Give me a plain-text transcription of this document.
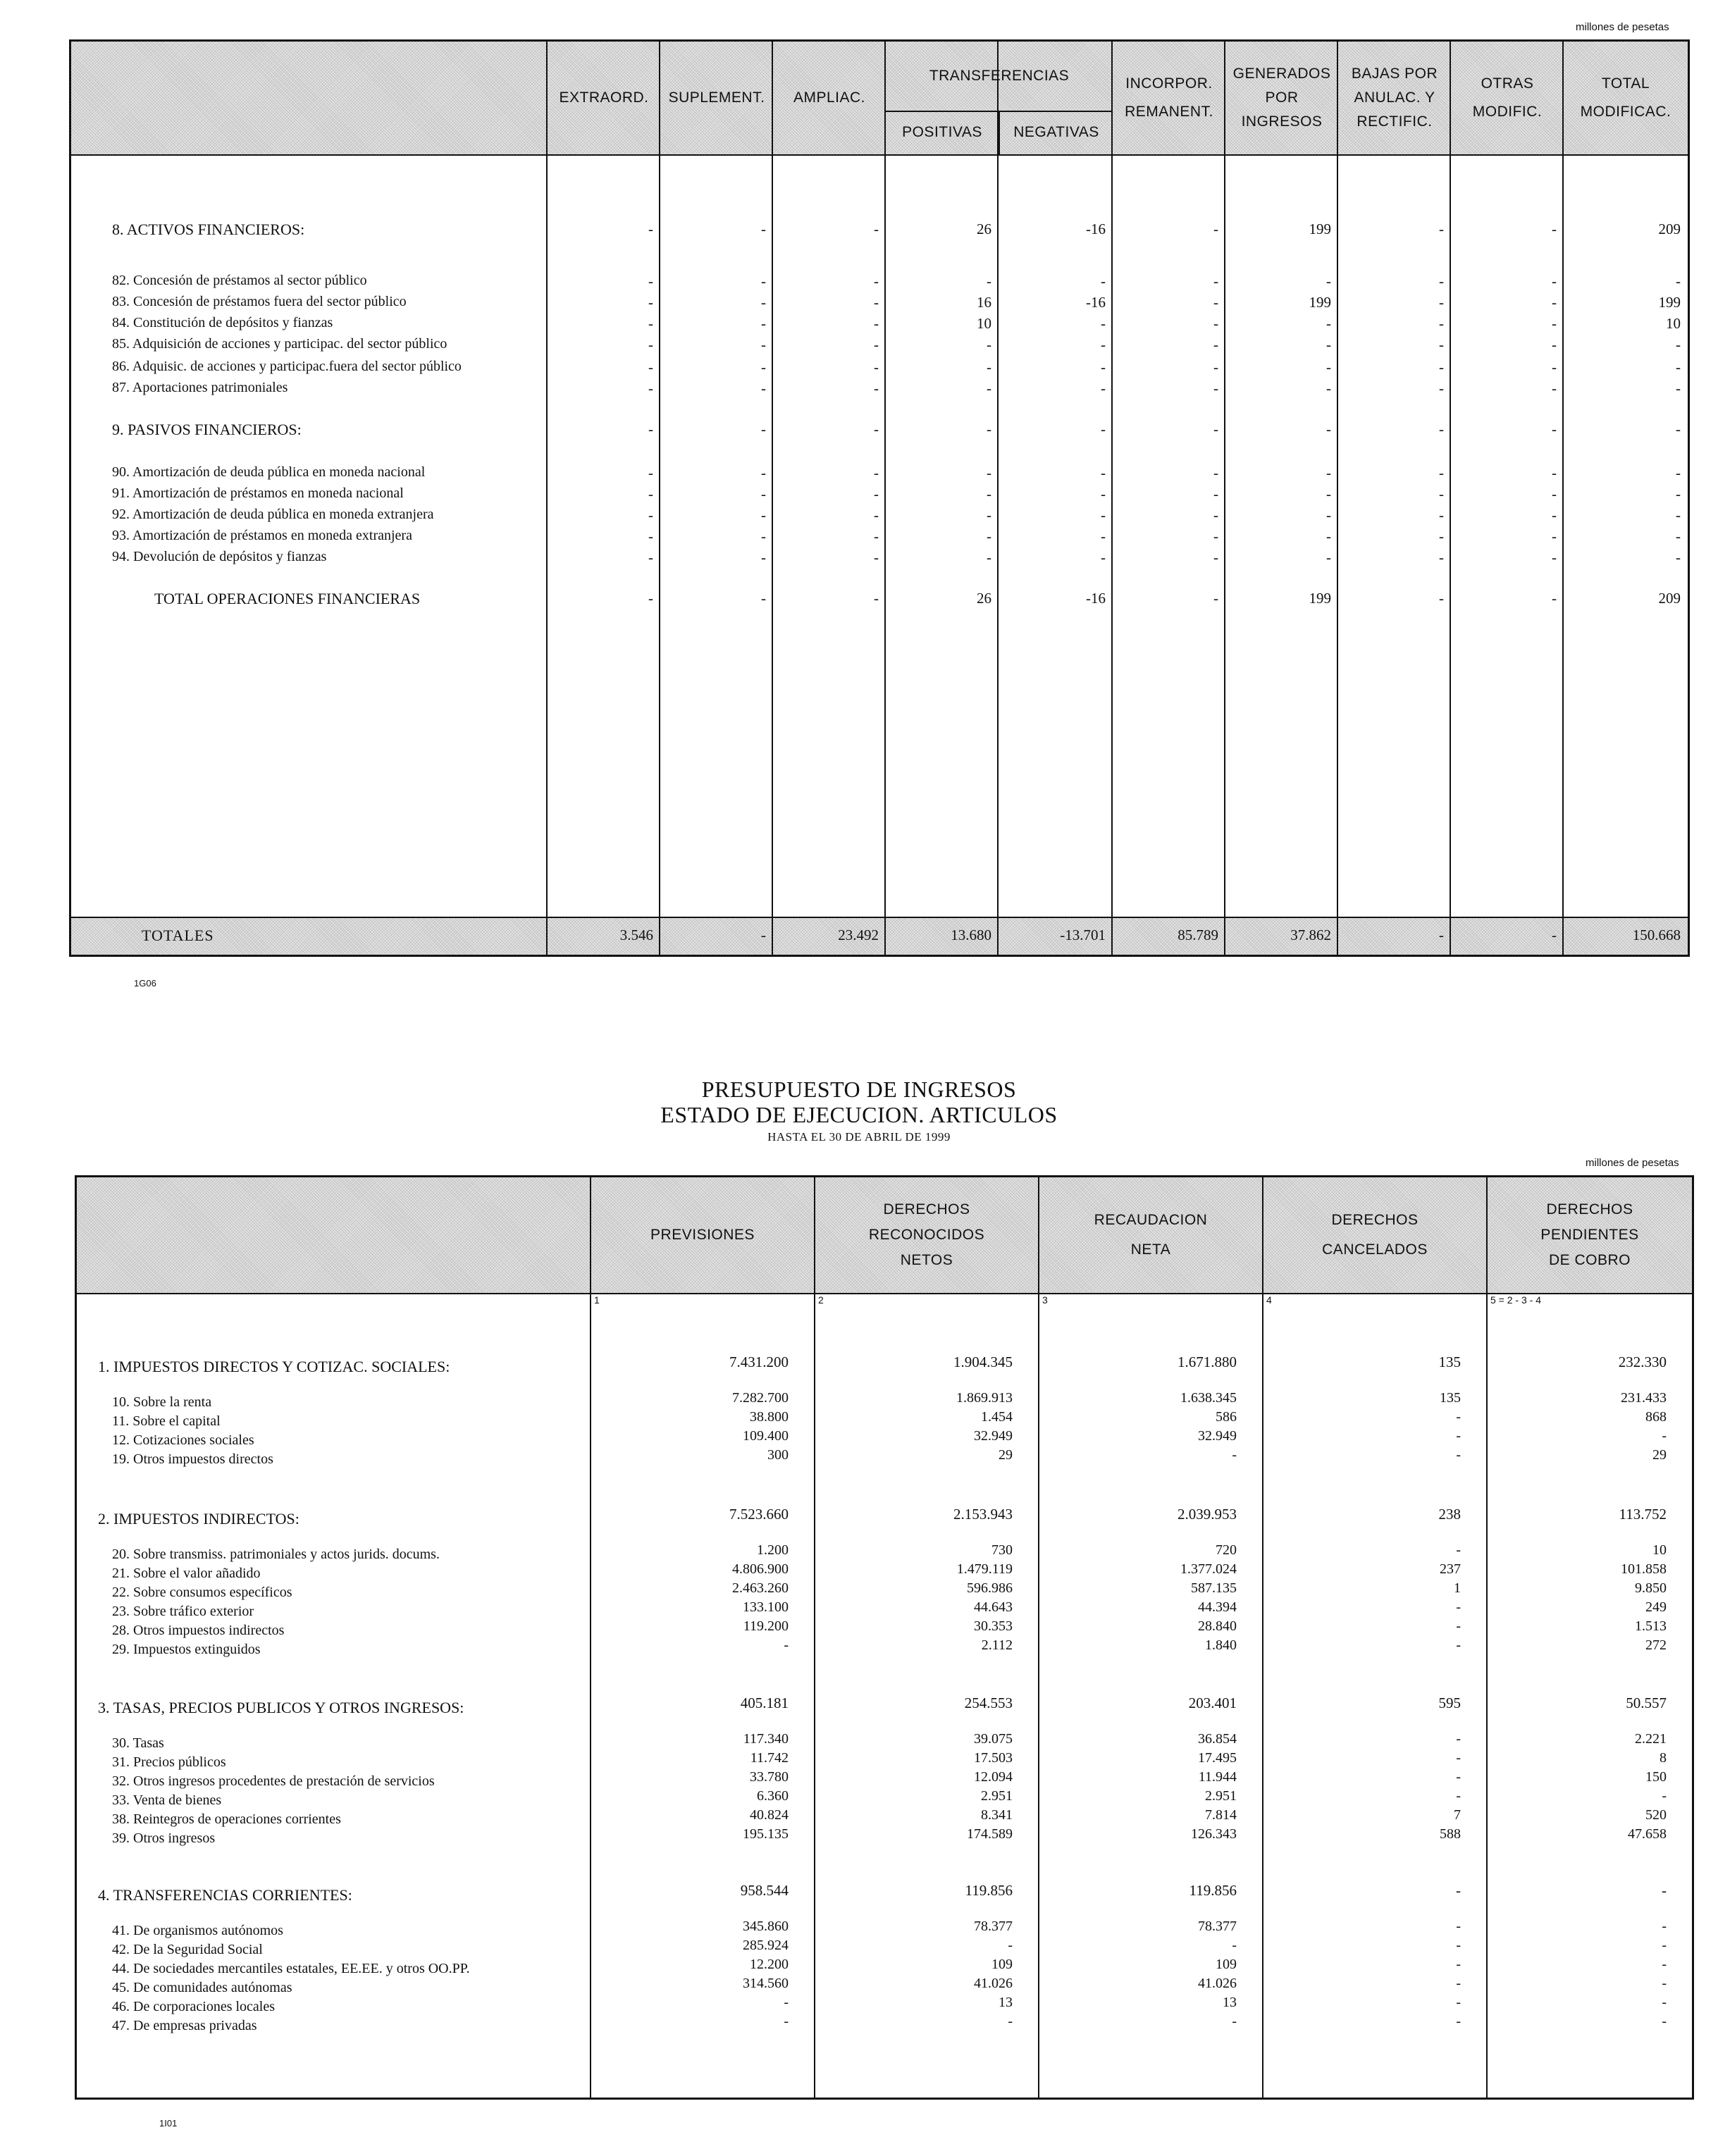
millones de pesetas
EXTRAORD. SUPLEMENT. AMPLIAC.
TRANSFERENCIAS
POSITIVAS NEGATIVAS
INCORPOR.
REMANENT.
GENERADOS
POR
INGRESOS
BAJAS POR
ANULAC. Y
RECTIFIC.
OTRAS
MODIFIC.
TOTAL
MODIFICAC.
8. ACTIVOS FINANCIEROS:	-	-	-	26	-16	-	199	-	-	209
82. Concesión de préstamos al sector público	-	-	-	-	-	-	-	-	-	-
83. Concesión de préstamos fuera del sector público	-	-	-	16	-16	-	199	-	-	199
84. Constitución de depósitos y fianzas	-	-	-	10	-	-	-	-	-	10
85. Adquisición de acciones y participac. del sector público	-	-	-	-	-	-	-	-	-	-
86. Adquisic. de acciones y participac.fuera del sector público	-	-	-	-	-	-	-	-	-	-
87. Aportaciones patrimoniales	-	-	-	-	-	-	-	-	-	-
9. PASIVOS FINANCIEROS:	-	-	-	-	-	-	-	-	-	-
90. Amortización de deuda pública en moneda nacional	-	-	-	-	-	-	-	-	-	-
91. Amortización de préstamos en moneda nacional	-	-	-	-	-	-	-	-	-	-
92. Amortización de deuda pública en moneda extranjera	-	-	-	-	-	-	-	-	-	-
93. Amortización de préstamos en moneda extranjera	-	-	-	-	-	-	-	-	-	-
94. Devolución de depósitos y fianzas	-	-	-	-	-	-	-	-	-	-
TOTAL OPERACIONES FINANCIERAS	-	-	-	26	-16	-	199	-	-	209
TOTALES	3.546	-	23.492	13.680	-13.701	85.789	37.862	-	-	150.668
1G06
PRESUPUESTO DE INGRESOS
ESTADO DE EJECUCION. ARTICULOS
HASTA EL 30 DE ABRIL DE 1999
millones de pesetas
PREVISIONES
DERECHOS
RECONOCIDOS
NETOS
RECAUDACION
NETA
DERECHOS
CANCELADOS
DERECHOS
PENDIENTES
DE COBRO
1	2	3	4	5 = 2 - 3 - 4
1. IMPUESTOS DIRECTOS Y COTIZAC. SOCIALES:	7.431.200	1.904.345	1.671.880	135	232.330
10. Sobre la renta	7.282.700	1.869.913	1.638.345	135	231.433
11. Sobre el capital	38.800	1.454	586	-	868
12. Cotizaciones sociales	109.400	32.949	32.949	-	-
19. Otros impuestos directos	300	29	-	-	29
2. IMPUESTOS INDIRECTOS:	7.523.660	2.153.943	2.039.953	238	113.752
20. Sobre transmiss. patrimoniales y actos jurids. docums.	1.200	730	720	-	10
21. Sobre el valor añadido	4.806.900	1.479.119	1.377.024	237	101.858
22. Sobre consumos específicos	2.463.260	596.986	587.135	1	9.850
23. Sobre tráfico exterior	133.100	44.643	44.394	-	249
28. Otros impuestos indirectos	119.200	30.353	28.840	-	1.513
29. Impuestos extinguidos	-	2.112	1.840	-	272
3. TASAS, PRECIOS PUBLICOS Y OTROS INGRESOS:	405.181	254.553	203.401	595	50.557
30. Tasas	117.340	39.075	36.854	-	2.221
31. Precios públicos	11.742	17.503	17.495	-	8
32. Otros ingresos procedentes de prestación de servicios	33.780	12.094	11.944	-	150
33. Venta de bienes	6.360	2.951	2.951	-	-
38. Reintegros de operaciones corrientes	40.824	8.341	7.814	7	520
39. Otros ingresos	195.135	174.589	126.343	588	47.658
4. TRANSFERENCIAS CORRIENTES:	958.544	119.856	119.856	-	-
41. De organismos autónomos	345.860	78.377	78.377	-	-
42. De la Seguridad Social	285.924	-	-	-	-
44. De sociedades mercantiles estatales, EE.EE. y otros OO.PP.	12.200	109	109	-	-
45. De comunidades autónomas	314.560	41.026	41.026	-	-
46. De corporaciones locales	-	13	13	-	-
47. De empresas privadas	-	-	-	-	-
1I01
